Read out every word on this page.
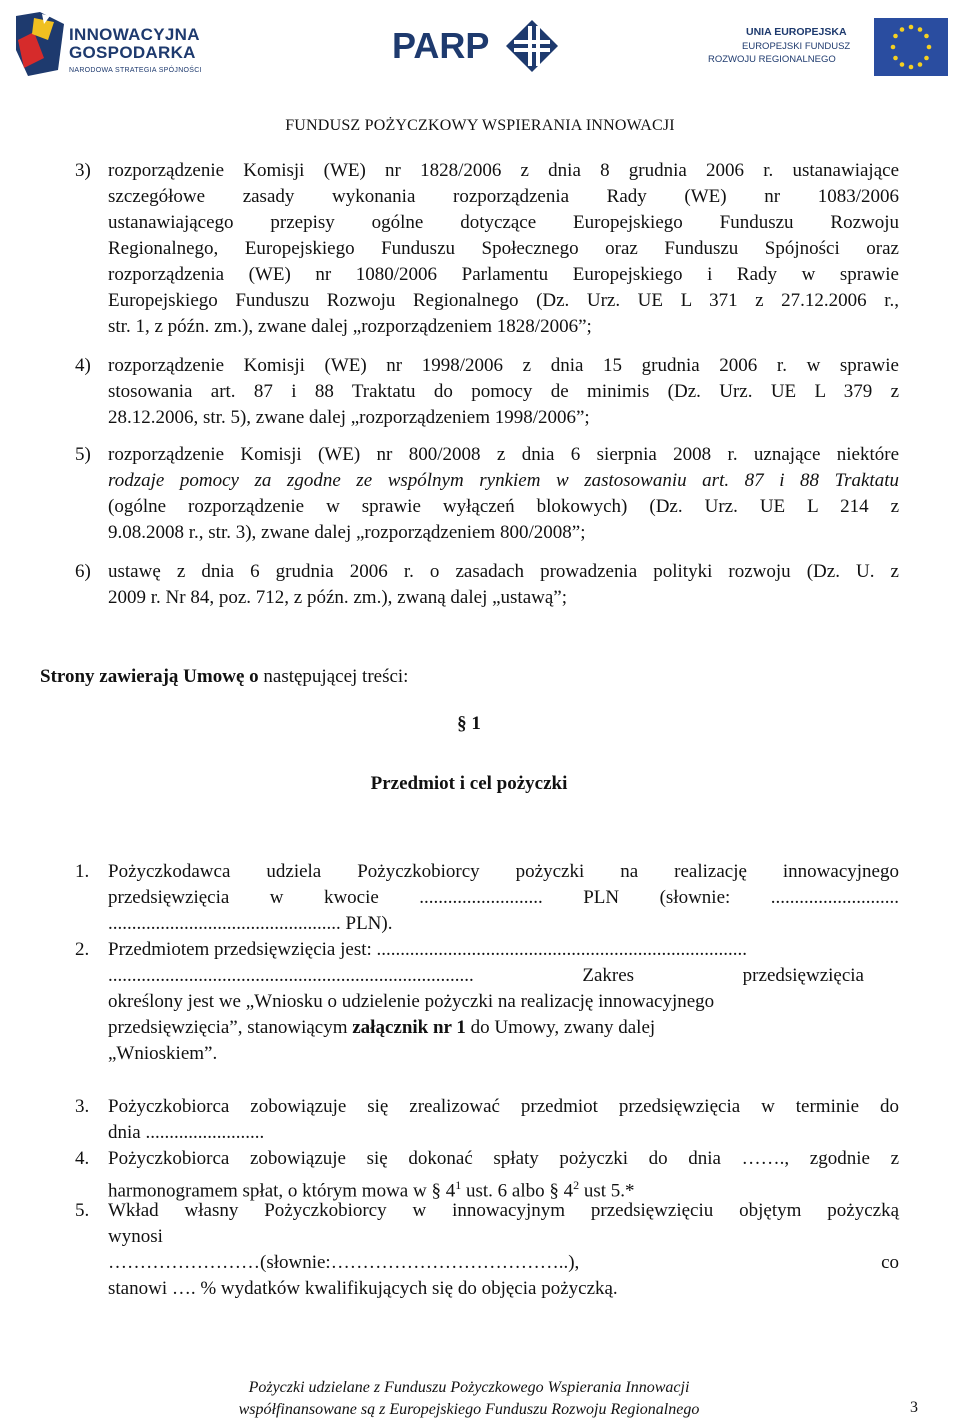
INNOWACYJNA
GOSPODARKA
NARODOWA STRATEGIA SPÓJNOŚCI
PARP	UNIA EUROPEJSKA
EUROPEJSKI FUNDUSZ
ROZWOJU REGIONALNEGO
FUNDUSZ POŻYCZKOWY WSPIERANIA INNOWACJI
3) rozporządzenie Komisji (WE) nr 1828/2006 z dnia 8 grudnia 2006 r. ustanawiające
szczegółowe zasady wykonania rozporządzenia Rady (WE) nr 1083/2006
ustanawiającego przepisy ogólne dotyczące Europejskiego Funduszu Rozwoju
Regionalnego, Europejskiego Funduszu Społecznego oraz Funduszu Spójności oraz
rozporządzenia (WE) nr 1080/2006 Parlamentu Europejskiego i Rady w sprawie
Europejskiego Funduszu Rozwoju Regionalnego (Dz. Urz. UE L 371 z 27.12.2006 r.,
str. 1, z późn. zm.), zwane dalej „rozporządzeniem 1828/2006”;
4) rozporządzenie Komisji (WE) nr 1998/2006 z dnia 15 grudnia 2006 r. w sprawie
stosowania art. 87 i 88 Traktatu do pomocy de minimis (Dz. Urz. UE L 379 z
28.12.2006, str. 5), zwane dalej „rozporządzeniem 1998/2006”;
5) rozporządzenie Komisji (WE) nr 800/2008 z dnia 6 sierpnia 2008 r. uznające niektóre
rodzaje pomocy za zgodne ze wspólnym rynkiem w zastosowaniu art. 87 i 88 Traktatu
(ogólne rozporządzenie w sprawie wyłączeń blokowych) (Dz. Urz. UE L 214 z
9.08.2008 r., str. 3), zwane dalej „rozporządzeniem 800/2008”;
6) ustawę z dnia 6 grudnia 2006 r. o zasadach prowadzenia polityki rozwoju (Dz. U. z
2009 r. Nr 84, poz. 712, z późn. zm.), zwaną dalej „ustawą”;
Strony zawierają Umowę o następującej treści:
§ 1
Przedmiot i cel pożyczki
1. Pożyczkodawca udziela Pożyczkobiorcy pożyczki na realizację innowacyjnego
przedsięwzięcia w kwocie .......................... PLN (słownie: ...........................
................................................. PLN).
2. Przedmiotem przedsięwzięcia jest: ..............................................................................
............................................................................. Zakres przedsięwzięcia
określony jest we „Wniosku o udzielenie pożyczki na realizację innowacyjnego
przedsięwzięcia”, stanowiącym załącznik nr 1 do Umowy, zwany dalej
„Wnioskiem”.
3. Pożyczkobiorca zobowiązuje się zrealizować przedmiot przedsięwzięcia w terminie do
dnia .........................
4. Pożyczkobiorca zobowiązuje się dokonać spłaty pożyczki do dnia ……., zgodnie z
harmonogramem spłat, o którym mowa w § $4^1$ ust. 6 albo § $4^2$ ust 5.*
5. Wkład własny Pożyczkobiorcy w innowacyjnym przedsięwzięciu objętym pożyczką
wynosi
……………………(słownie:………………………………..),	co
stanowi …. % wydatków kwalifikujących się do objęcia pożyczką.
Pożyczki udzielane z Funduszu Pożyczkowego Wspierania Innowacji
współfinansowane są z Europejskiego Funduszu Rozwoju Regionalnego	3
